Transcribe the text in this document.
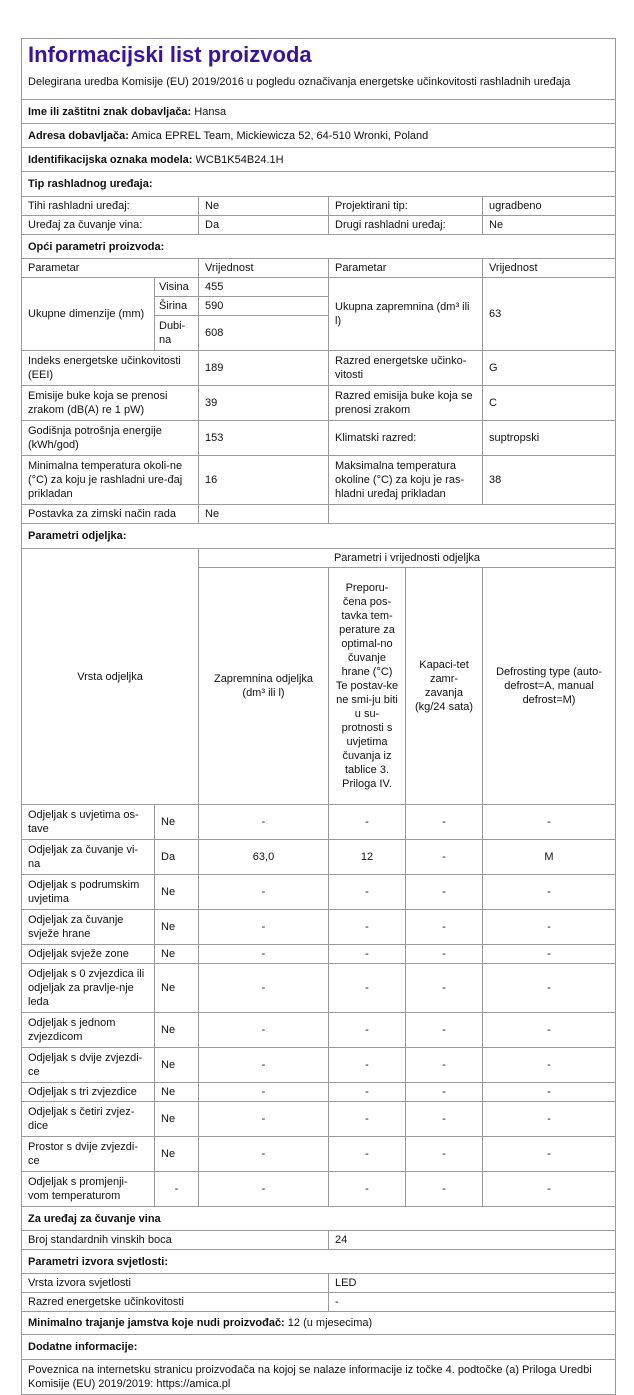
Informacijski list proizvoda					
Delegirana uredba Komisije (EU) 2019/2016 u pogledu označivanja energetske učinkovitosti rashladnih uređaja					
Ime ili zaštitni znak dobavljača: Hansa					
Adresa dobavljača: Amica EPREL Team, Mickiewicza 52, 64-510 Wronki, Poland					
Identifikacijska oznaka modela: WCB1K54B24.1H					
Tip rashladnog uređaja:					
Tihi rashladni uređaj:		Ne	Projektirani tip:		ugradbeno
Uređaj za čuvanje vina:		Da	Drugi rashladni uređaj:		Ne
Opći parametri proizvoda:					
Parametar		Vrijednost	Parametar		Vrijednost
Ukupne dimenzije (mm)	Visina	455	Ukupna zapremnina (dm³ ili l)		63
	Širina	590			
	Dubi-na	608			
Indeks energetske učinkovitosti (EEI)		189	Razred energetske učinko-vitosti		G
Emisije buke koja se prenosi zrakom (dB(A) re 1 pW)		39	Razred emisija buke koja se prenosi zrakom		C
Godišnja potrošnja energije (kWh/god)		153	Klimatski razred:		suptropski
Minimalna temperatura okoli-ne (°C) za koju je rashladni ure-đaj prikladan		16	Maksimalna temperatura okoline (°C) za koju je ras-hladni uređaj prikladan		38
Postavka za zimski način rada		Ne			
Parametri odjeljka:					
Vrsta odjeljka		Parametri i vrijednosti odjeljka			
		Zapremnina odjeljka (dm³ ili l)	Preporu-čena pos-tavka tem-perature za optimal-no čuvanje hrane (°C)
Te postav-ke ne smi-ju biti u su-protnosti s uvjetima čuvanja iz tablice 3. Priloga IV.	Kapaci-tet zamr-zavanja (kg/24 sata)	Defrosting type (auto-defrost=A, manual defrost=M)
Odjeljak s uvjetima os-tave	Ne	-	-	-	-
Odjeljak za čuvanje vi-na	Da	63,0	12	-	M
Odjeljak s podrumskim uvjetima	Ne	-	-	-	-
Odjeljak za čuvanje svježe hrane	Ne	-	-	-	-
Odjeljak svježe zone	Ne	-	-	-	-
Odjeljak s 0 zvjezdica ili odjeljak za pravlje-nje leda	Ne	-	-	-	-
Odjeljak s jednom zvjezdicom	Ne	-	-	-	-
Odjeljak s dvije zvjezdi-ce	Ne	-	-	-	-
Odjeljak s tri zvjezdice	Ne	-	-	-	-
Odjeljak s četiri zvjez-dice	Ne	-	-	-	-
Prostor s dvije zvjezdi-ce	Ne	-	-	-	-
Odjeljak s promjenji-vom temperaturom	-	-	-	-	-
Za uređaj za čuvanje vina					
Broj standardnih vinskih boca			24		
Parametri izvora svjetlosti:					
Vrsta izvora svjetlosti			LED		
Razred energetske učinkovitosti			-		
Minimalno trajanje jamstva koje nudi proizvođač: 12 (u mjesecima)					
Dodatne informacije:					
Poveznica na internetsku stranicu proizvođača na kojoj se nalaze informacije iz točke 4. podtočke (a) Priloga Uredbi Komisije (EU) 2019/2019: https://amica.pl					
